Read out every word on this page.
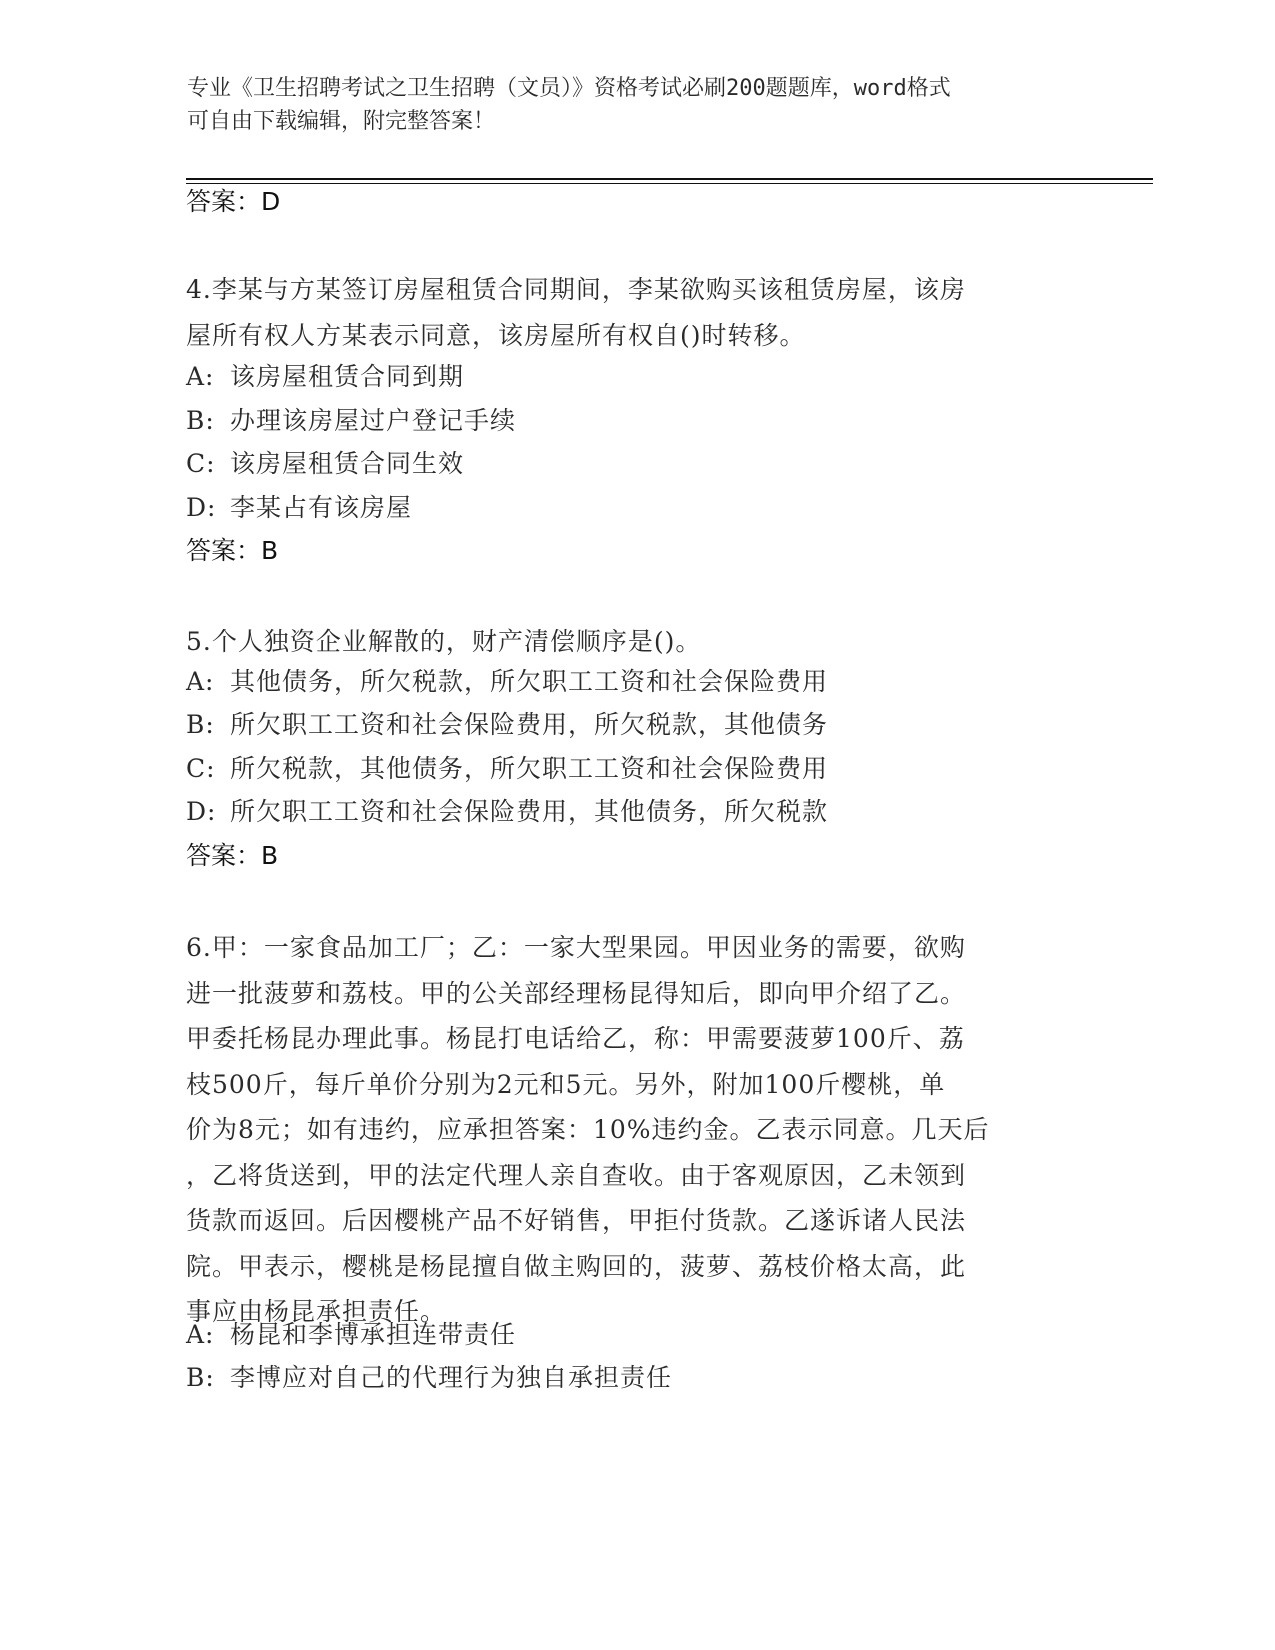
专业《卫生招聘考试之卫生招聘（文员）》资格考试必刷200题题库，word格式
可自由下载编辑，附完整答案！
答案：D
4.李某与方某签订房屋租赁合同期间，李某欲购买该租赁房屋，该房
屋所有权人方某表示同意，该房屋所有权自()时转移。
A: 该房屋租赁合同到期
B: 办理该房屋过户登记手续
C: 该房屋租赁合同生效
D: 李某占有该房屋
答案：B
5.个人独资企业解散的，财产清偿顺序是()。
A: 其他债务，所欠税款，所欠职工工资和社会保险费用
B: 所欠职工工资和社会保险费用，所欠税款，其他债务
C: 所欠税款，其他债务，所欠职工工资和社会保险费用
D: 所欠职工工资和社会保险费用，其他债务，所欠税款
答案：B
6.甲：一家食品加工厂；乙：一家大型果园。甲因业务的需要，欲购
进一批菠萝和荔枝。甲的公关部经理杨昆得知后，即向甲介绍了乙。
甲委托杨昆办理此事。杨昆打电话给乙，称：甲需要菠萝100斤、荔
枝500斤，每斤单价分别为2元和5元。另外，附加100斤樱桃，单
价为8元；如有违约，应承担答案：10%违约金。乙表示同意。几天后
，乙将货送到，甲的法定代理人亲自查收。由于客观原因，乙未领到
货款而返回。后因樱桃产品不好销售，甲拒付货款。乙遂诉诸人民法
院。甲表示，樱桃是杨昆擅自做主购回的，菠萝、荔枝价格太高，此
事应由杨昆承担责任。
A: 杨昆和李博承担连带责任
B: 李博应对自己的代理行为独自承担责任
